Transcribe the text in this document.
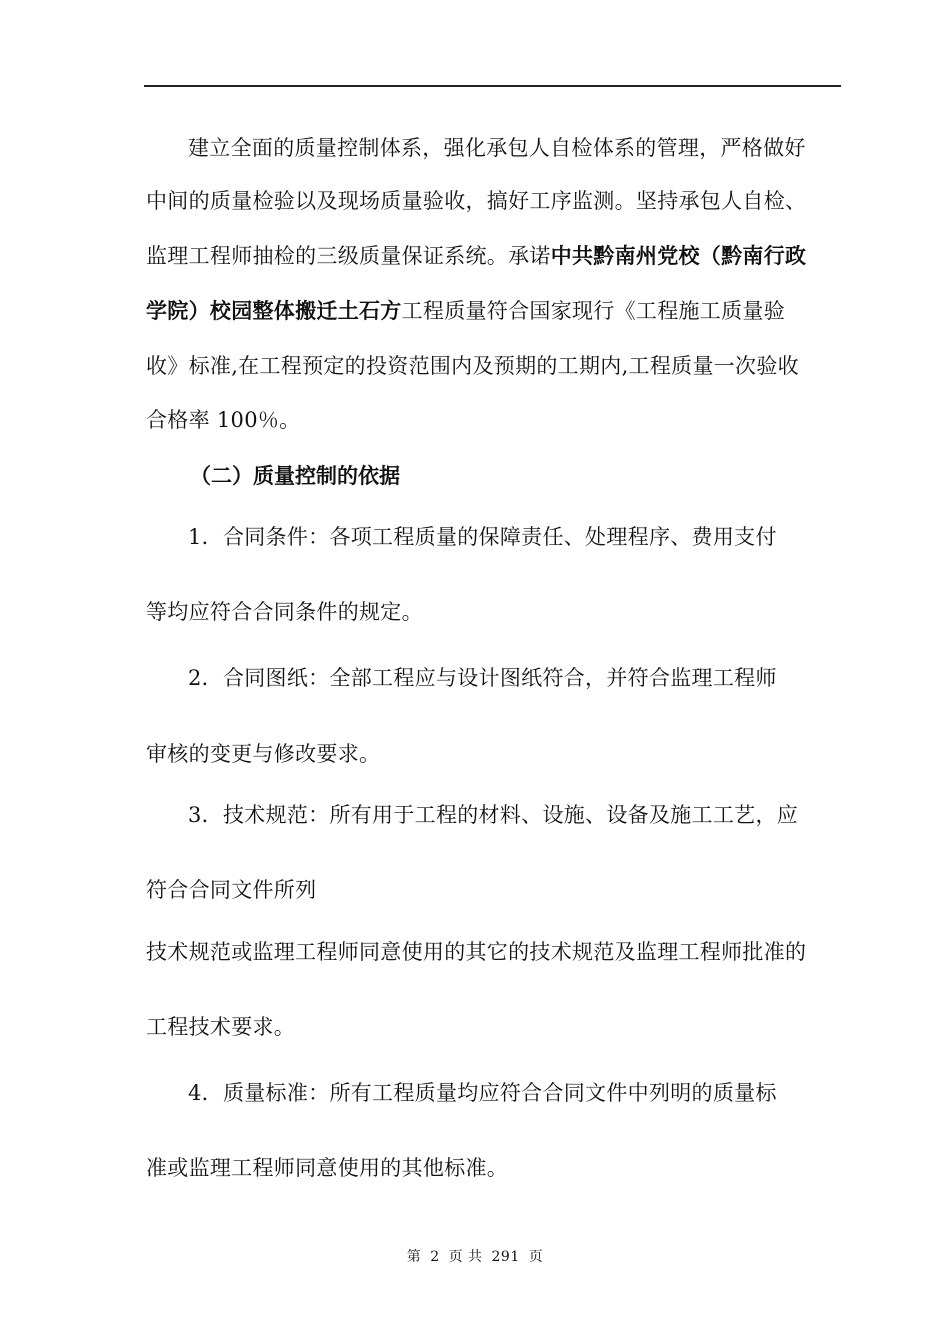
建立全面的质量控制体系，强化承包人自检体系的管理，严格做好
中间的质量检验以及现场质量验收，搞好工序监测。坚持承包人自检、
监理工程师抽检的三级质量保证系统。承诺中共黔南州党校（黔南行政
学院）校园整体搬迁土石方工程质量符合国家现行《工程施工质量验
收》标准,在工程预定的投资范围内及预期的工期内,工程质量一次验收
合格率 100％。
（二）质量控制的依据
1．合同条件：各项工程质量的保障责任、处理程序、费用支付
等均应符合合同条件的规定。
2．合同图纸：全部工程应与设计图纸符合，并符合监理工程师
审核的变更与修改要求。
3．技术规范：所有用于工程的材料、设施、设备及施工工艺，应
符合合同文件所列
技术规范或监理工程师同意使用的其它的技术规范及监理工程师批准的
工程技术要求。
4．质量标准：所有工程质量均应符合合同文件中列明的质量标
准或监理工程师同意使用的其他标准。
第 2 页 共 291 页
